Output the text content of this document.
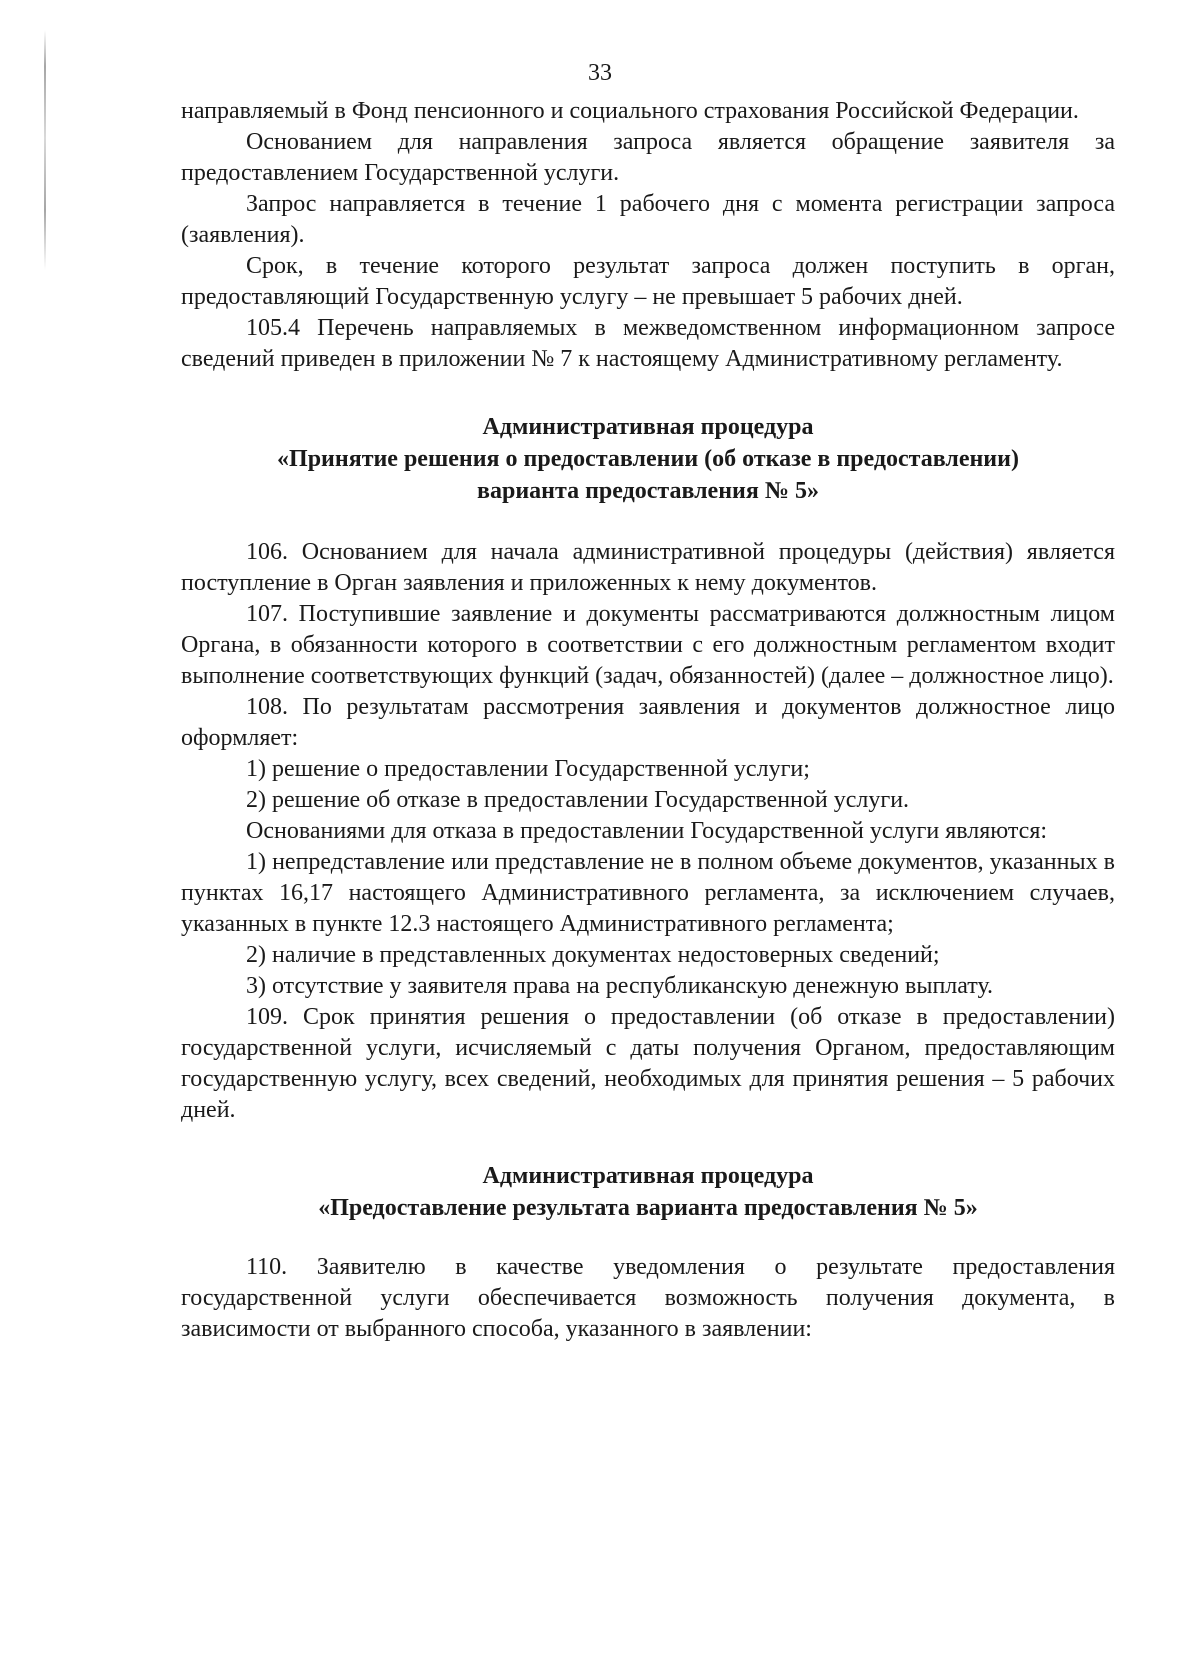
33

направляемый в Фонд пенсионного и социального страхования Российской Федерации.

Основанием для направления запроса является обращение заявителя за предоставлением Государственной услуги.

Запрос направляется в течение 1 рабочего дня с момента регистрации запроса (заявления).

Срок, в течение которого результат запроса должен поступить в орган, предоставляющий Государственную услугу – не превышает 5 рабочих дней.

105.4 Перечень направляемых в межведомственном информационном запросе сведений приведен в приложении № 7 к настоящему Административному регламенту.

Административная процедура
«Принятие решения о предоставлении (об отказе в предоставлении)
варианта предоставления № 5»

106. Основанием для начала административной процедуры (действия) является поступление в Орган заявления и приложенных к нему документов.

107. Поступившие заявление и документы рассматриваются должностным лицом Органа, в обязанности которого в соответствии с его должностным регламентом входит выполнение соответствующих функций (задач, обязанностей) (далее – должностное лицо).

108. По результатам рассмотрения заявления и документов должностное лицо оформляет:

1) решение о предоставлении Государственной услуги;

2) решение об отказе в предоставлении Государственной услуги.

Основаниями для отказа в предоставлении Государственной услуги являются:

1) непредставление или представление не в полном объеме документов, указанных в пунктах 16,17 настоящего Административного регламента, за исключением случаев, указанных в пункте 12.3 настоящего Административного регламента;

2) наличие в представленных документах недостоверных сведений;

3) отсутствие у заявителя права на республиканскую денежную выплату.

109. Срок принятия решения о предоставлении (об отказе в предоставлении) государственной услуги, исчисляемый с даты получения Органом, предоставляющим государственную услугу, всех сведений, необходимых для принятия решения – 5 рабочих дней.

Административная процедура
«Предоставление результата варианта предоставления № 5»

110. Заявителю в качестве уведомления о результате предоставления государственной услуги обеспечивается возможность получения документа, в зависимости от выбранного способа, указанного в заявлении:
